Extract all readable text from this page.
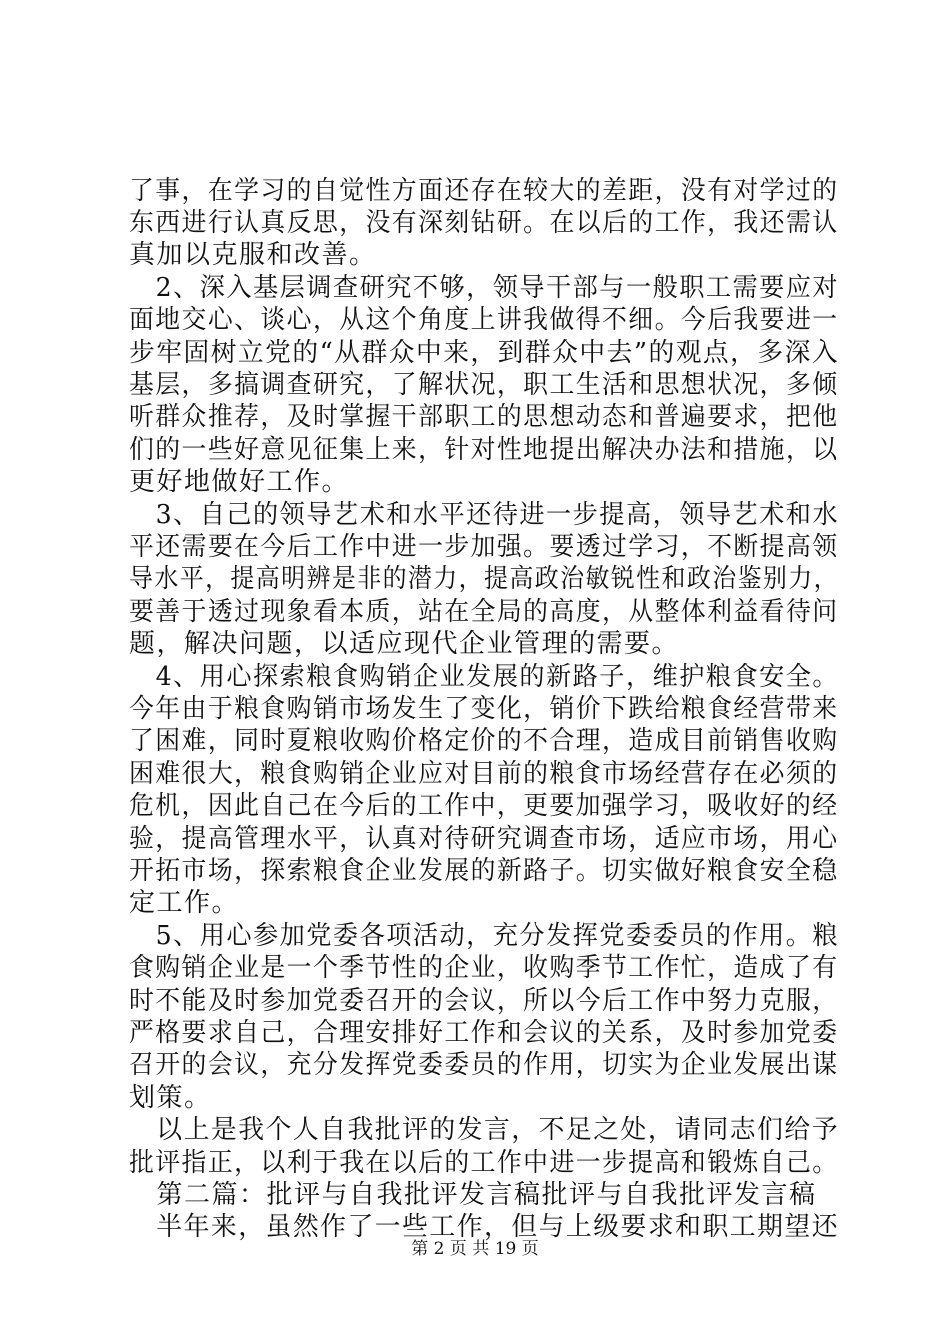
了事，在学习的自觉性方面还存在较大的差距，没有对学过的
东西进行认真反思，没有深刻钻研。在以后的工作，我还需认
真加以克服和改善。
　2、深入基层调查研究不够，领导干部与一般职工需要应对
面地交心、谈心，从这个角度上讲我做得不细。今后我要进一
步牢固树立党的“从群众中来，到群众中去”的观点，多深入
基层，多搞调查研究，了解状况，职工生活和思想状况，多倾
听群众推荐，及时掌握干部职工的思想动态和普遍要求，把他
们的一些好意见征集上来，针对性地提出解决办法和措施，以
更好地做好工作。
　3、自己的领导艺术和水平还待进一步提高，领导艺术和水
平还需要在今后工作中进一步加强。要透过学习，不断提高领
导水平，提高明辨是非的潜力，提高政治敏锐性和政治鉴别力，
要善于透过现象看本质，站在全局的高度，从整体利益看待问
题，解决问题，以适应现代企业管理的需要。
　4、用心探索粮食购销企业发展的新路子，维护粮食安全。
今年由于粮食购销市场发生了变化，销价下跌给粮食经营带来
了困难，同时夏粮收购价格定价的不合理，造成目前销售收购
困难很大，粮食购销企业应对目前的粮食市场经营存在必须的
危机，因此自己在今后的工作中，更要加强学习，吸收好的经
验，提高管理水平，认真对待研究调查市场，适应市场，用心
开拓市场，探索粮食企业发展的新路子。切实做好粮食安全稳
定工作。
　5、用心参加党委各项活动，充分发挥党委委员的作用。粮
食购销企业是一个季节性的企业，收购季节工作忙，造成了有
时不能及时参加党委召开的会议，所以今后工作中努力克服，
严格要求自己，合理安排好工作和会议的关系，及时参加党委
召开的会议，充分发挥党委委员的作用，切实为企业发展出谋
划策。
　以上是我个人自我批评的发言，不足之处，请同志们给予
批评指正，以利于我在以后的工作中进一步提高和锻炼自己。
　第二篇：批评与自我批评发言稿批评与自我批评发言稿
　半年来，虽然作了一些工作，但与上级要求和职工期望还
第 2 页 共 19 页
